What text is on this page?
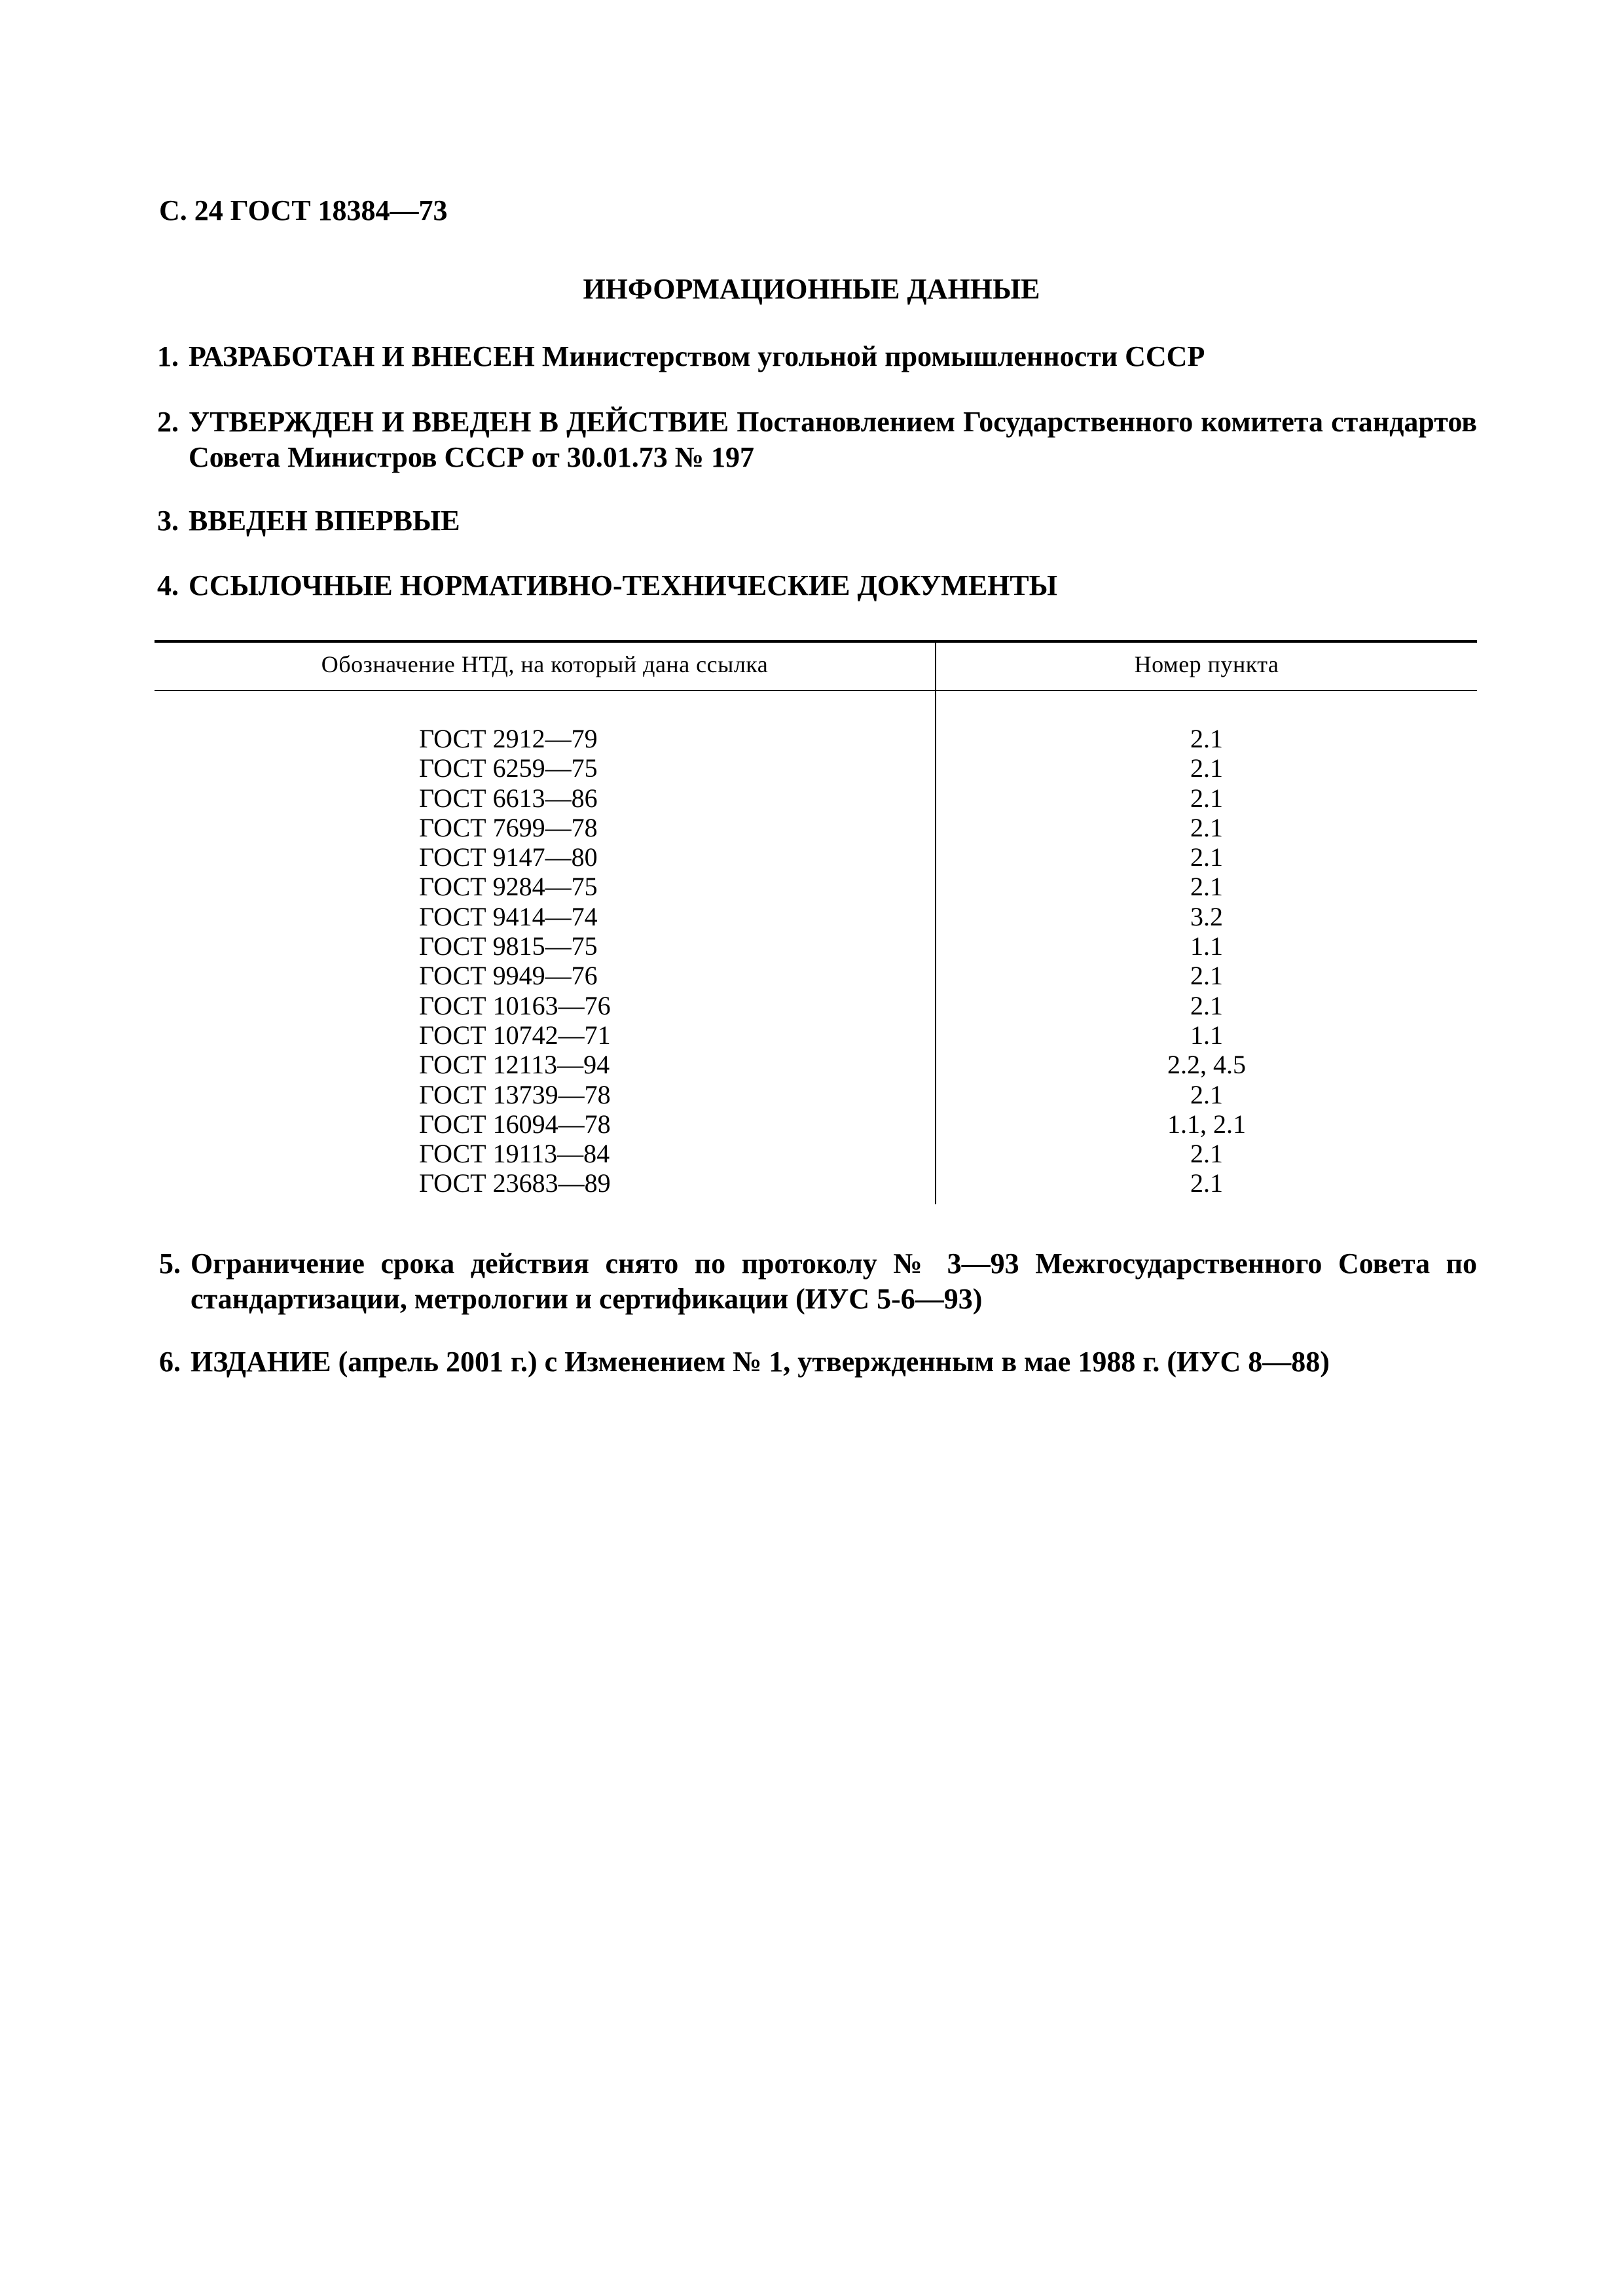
С. 24 ГОСТ 18384—73
ИНФОРМАЦИОННЫЕ ДАННЫЕ
1. РАЗРАБОТАН И ВНЕСЕН Министерством угольной промышленности СССР
2. УТВЕРЖДЕН И ВВЕДЕН В ДЕЙСТВИЕ Постановлением Государственного комитета стандартов Совета Министров СССР от 30.01.73 № 197
3. ВВЕДЕН ВПЕРВЫЕ
4. ССЫЛОЧНЫЕ НОРМАТИВНО-ТЕХНИЧЕСКИЕ ДОКУМЕНТЫ
Обозначение НТД, на который дана ссылка	Номер пункта
ГОСТ 2912—79	2.1
ГОСТ 6259—75	2.1
ГОСТ 6613—86	2.1
ГОСТ 7699—78	2.1
ГОСТ 9147—80	2.1
ГОСТ 9284—75	2.1
ГОСТ 9414—74	3.2
ГОСТ 9815—75	1.1
ГОСТ 9949—76	2.1
ГОСТ 10163—76	2.1
ГОСТ 10742—71	1.1
ГОСТ 12113—94	2.2, 4.5
ГОСТ 13739—78	2.1
ГОСТ 16094—78	1.1, 2.1
ГОСТ 19113—84	2.1
ГОСТ 23683—89	2.1
5. Ограничение срока действия снято по протоколу № 3—93 Межгосударственного Совета по стандартизации, метрологии и сертификации (ИУС 5-6—93)
6. ИЗДАНИЕ (апрель 2001 г.) с Изменением № 1, утвержденным в мае 1988 г. (ИУС 8—88)
